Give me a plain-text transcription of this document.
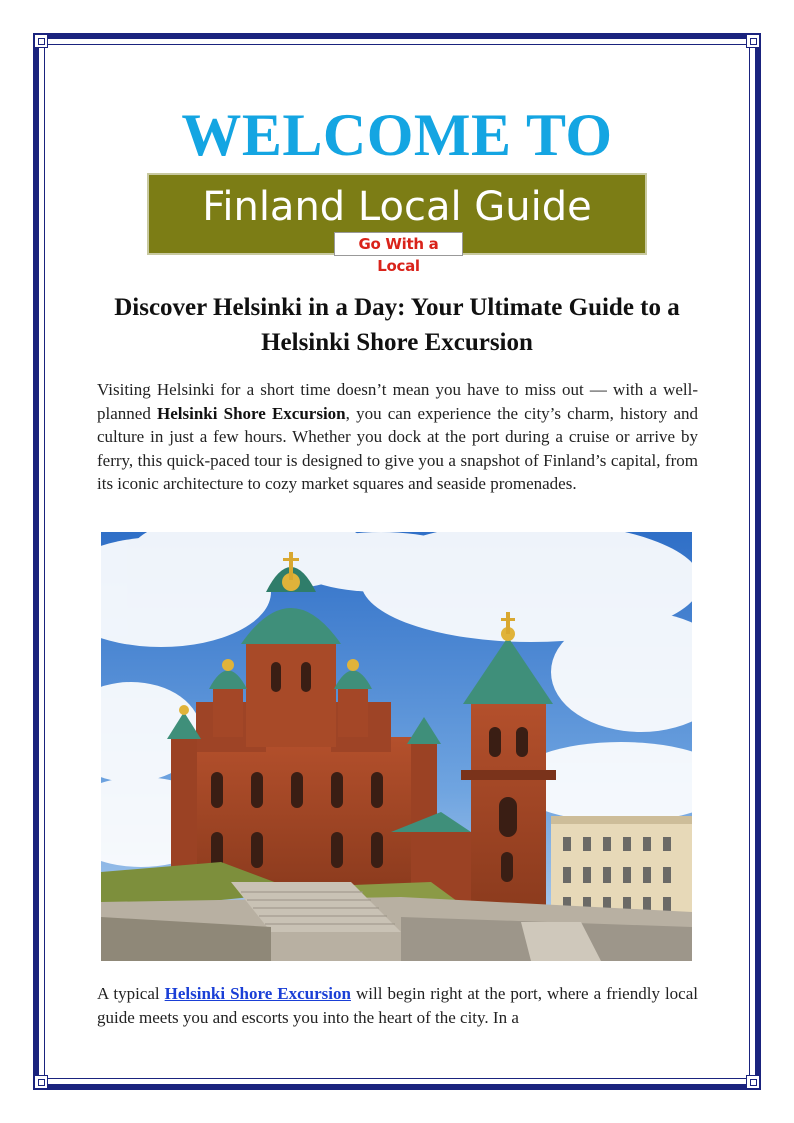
WELCOME TO
Finland Local Guide
Go With a Local
Discover Helsinki in a Day: Your Ultimate Guide to a Helsinki Shore Excursion

Visiting Helsinki for a short time doesn’t mean you have to miss out — with a well-planned Helsinki Shore Excursion, you can experience the city’s charm, history and culture in just a few hours. Whether you dock at the port during a cruise or arrive by ferry, this quick-paced tour is designed to give you a snapshot of Finland’s capital, from its iconic architecture to cozy market squares and seaside promenades.

A typical Helsinki Shore Excursion will begin right at the port, where a friendly local guide meets you and escorts you into the heart of the city. In a
